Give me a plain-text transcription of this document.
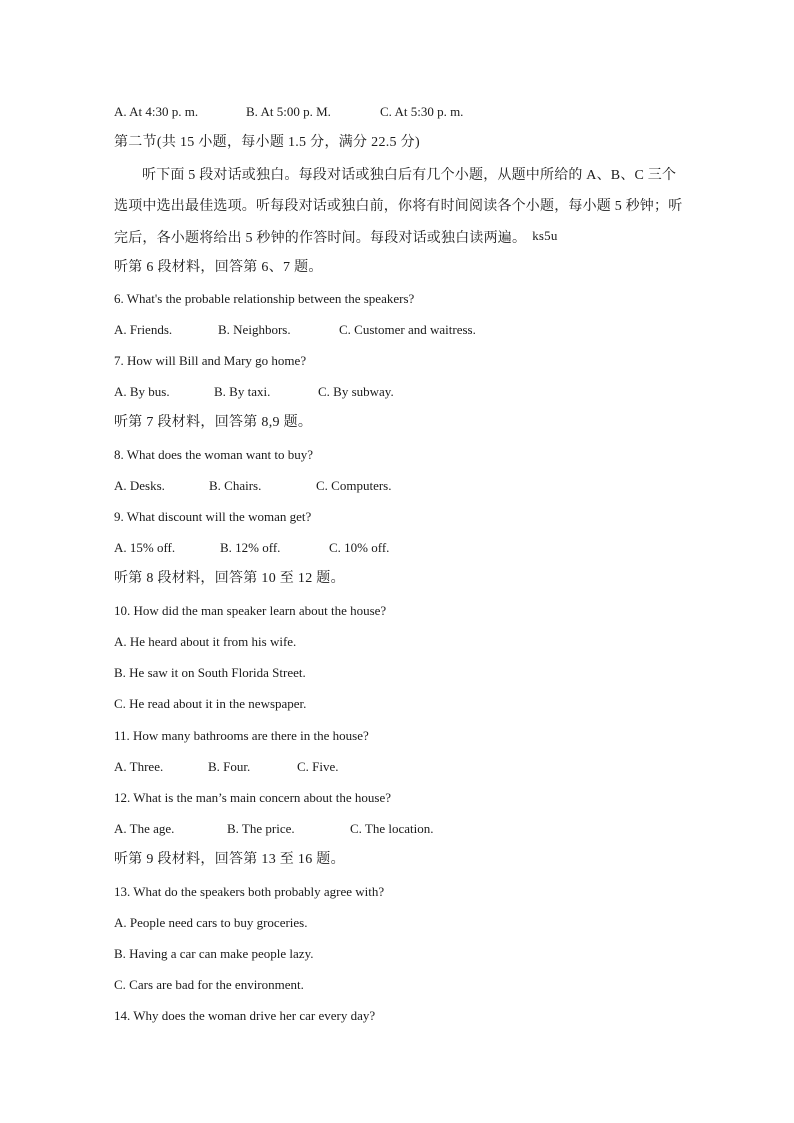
A. At 4:30 p. m.	B. At 5:00 p. M.	C. At 5:30 p. m.
第二节(共 15 小题，每小题 1.5 分，满分 22.5 分)
听下面 5 段对话或独白。每段对话或独白后有几个小题，从题中所给的 A、B、C 三个选项中选出最佳选项。听每段对话或独白前，你将有时间阅读各个小题，每小题 5 秒钟；听完后，各小题将给出 5 秒钟的作答时间。每段对话或独白读两遍。 ks5u
听第 6 段材料，回答第 6、7 题。
6. What's the probable relationship between the speakers?
A. Friends.	B. Neighbors.	C. Customer and waitress.
7. How will Bill and Mary go home?
A. By bus.	B. By taxi.	C. By subway.
听第 7 段材料，回答第 8,9 题。
8. What does the woman want to buy?
A. Desks.	B. Chairs.	C. Computers.
9. What discount will the woman get?
A. 15% off.	B. 12% off.	C. 10% off.
听第 8 段材料，回答第 10 至 12 题。
10. How did the man speaker learn about the house?
A. He heard about it from his wife.
B. He saw it on South Florida Street.
C. He read about it in the newspaper.
11. How many bathrooms are there in the house?
A. Three.	B. Four.	C. Five.
12. What is the man’s main concern about the house?
A. The age.	B. The price.	C. The location.
听第 9 段材料，回答第 13 至 16 题。
13. What do the speakers both probably agree with?
A. People need cars to buy groceries.
B. Having a car can make people lazy.
C. Cars are bad for the environment.
14. Why does the woman drive her car every day?
